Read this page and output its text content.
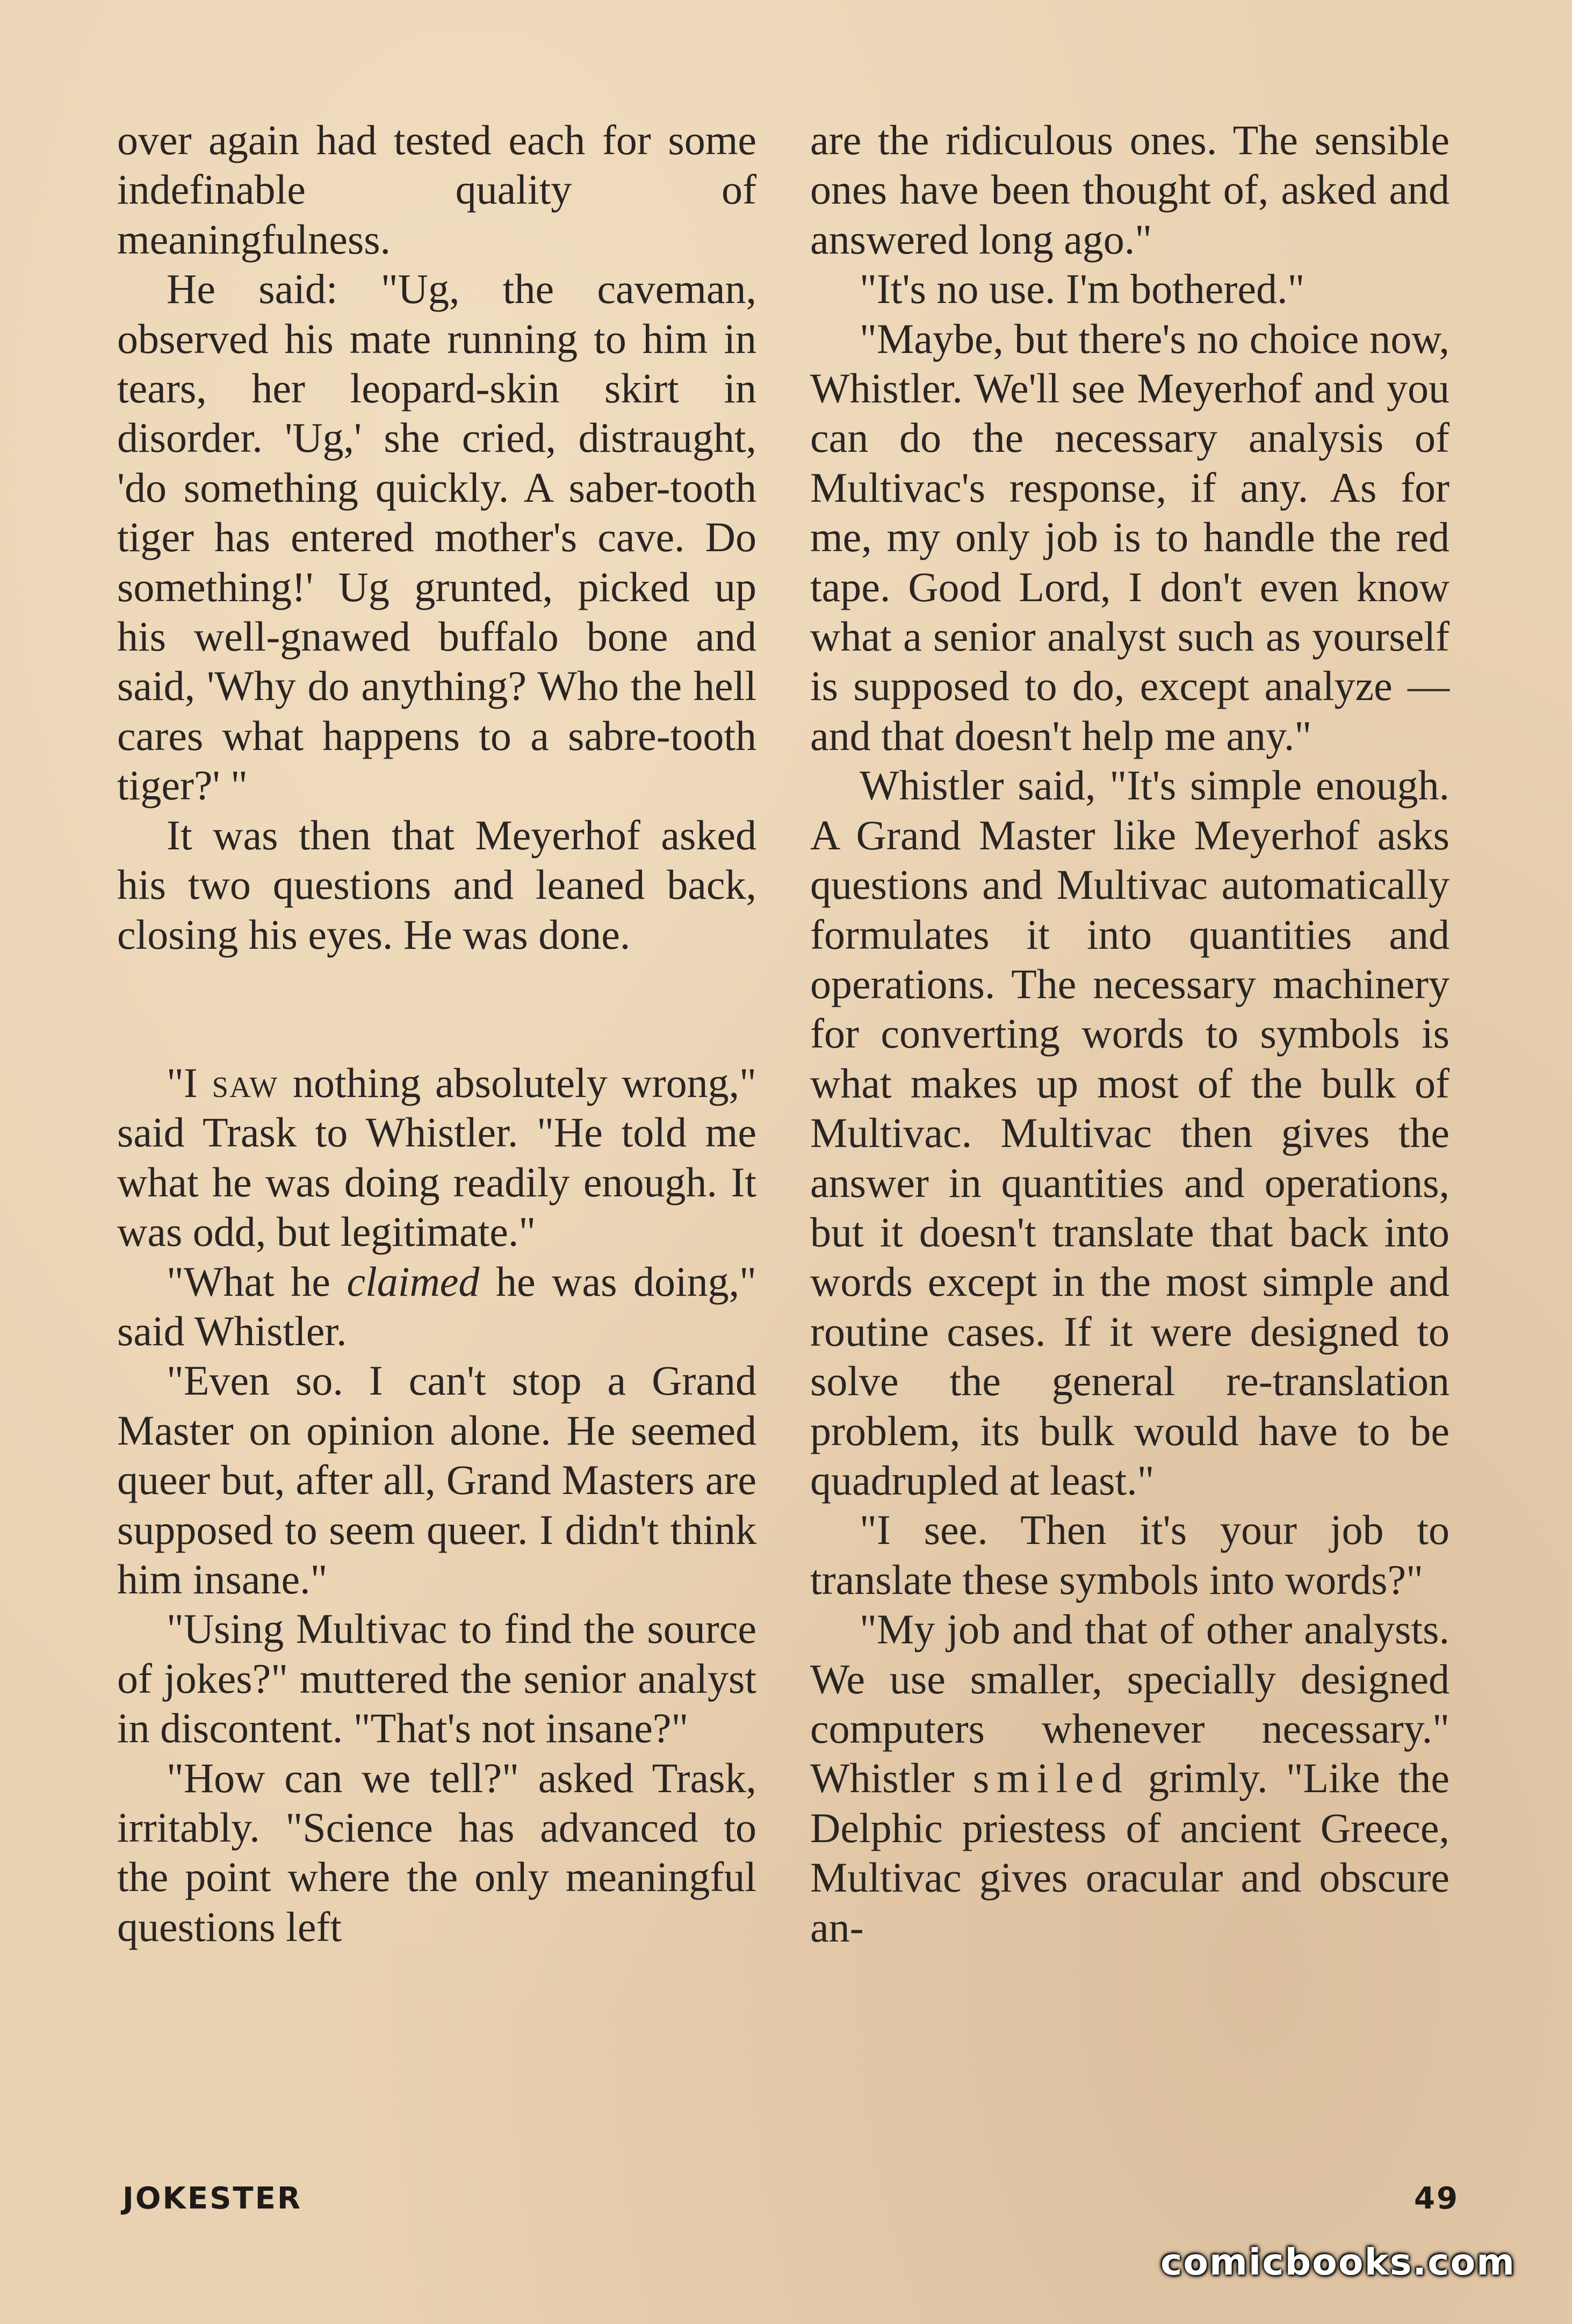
over again had tested each for some indefinable quality of meaningfulness.

He said: "Ug, the caveman, observed his mate running to him in tears, her leopard-skin skirt in disorder. 'Ug,' she cried, distraught, 'do something quickly. A saber-tooth tiger has entered mother's cave. Do something!' Ug grunted, picked up his well-gnawed buffalo bone and said, 'Why do anything? Who the hell cares what happens to a sabre-tooth tiger?' "

It was then that Meyerhof asked his two questions and leaned back, closing his eyes. He was done.

"I saw nothing absolutely wrong," said Trask to Whistler. "He told me what he was doing readily enough. It was odd, but legitimate."

"What he claimed he was doing," said Whistler.

"Even so. I can't stop a Grand Master on opinion alone. He seemed queer but, after all, Grand Masters are supposed to seem queer. I didn't think him insane."

"Using Multivac to find the source of jokes?" muttered the senior analyst in discontent. "That's not insane?"

"How can we tell?" asked Trask, irritably. "Science has advanced to the point where the only meaningful questions left

are the ridiculous ones. The sensible ones have been thought of, asked and answered long ago."

"It's no use. I'm bothered."

"Maybe, but there's no choice now, Whistler. We'll see Meyerhof and you can do the necessary analysis of Multivac's response, if any. As for me, my only job is to handle the red tape. Good Lord, I don't even know what a senior analyst such as yourself is supposed to do, except analyze —and that doesn't help me any."

Whistler said, "It's simple enough. A Grand Master like Meyerhof asks questions and Multivac automatically formulates it into quantities and operations. The necessary machinery for converting words to symbols is what makes up most of the bulk of Multivac. Multivac then gives the answer in quantities and operations, but it doesn't translate that back into words except in the most simple and routine cases. If it were designed to solve the general re-translation problem, its bulk would have to be quadrupled at least."

"I see. Then it's your job to translate these symbols into words?"

"My job and that of other analysts. We use smaller, specially designed computers whenever necessary." Whistler smiled grimly. "Like the Delphic priestess of ancient Greece, Multivac gives oracular and obscure an-

JOKESTER	49
comicbooks.com
